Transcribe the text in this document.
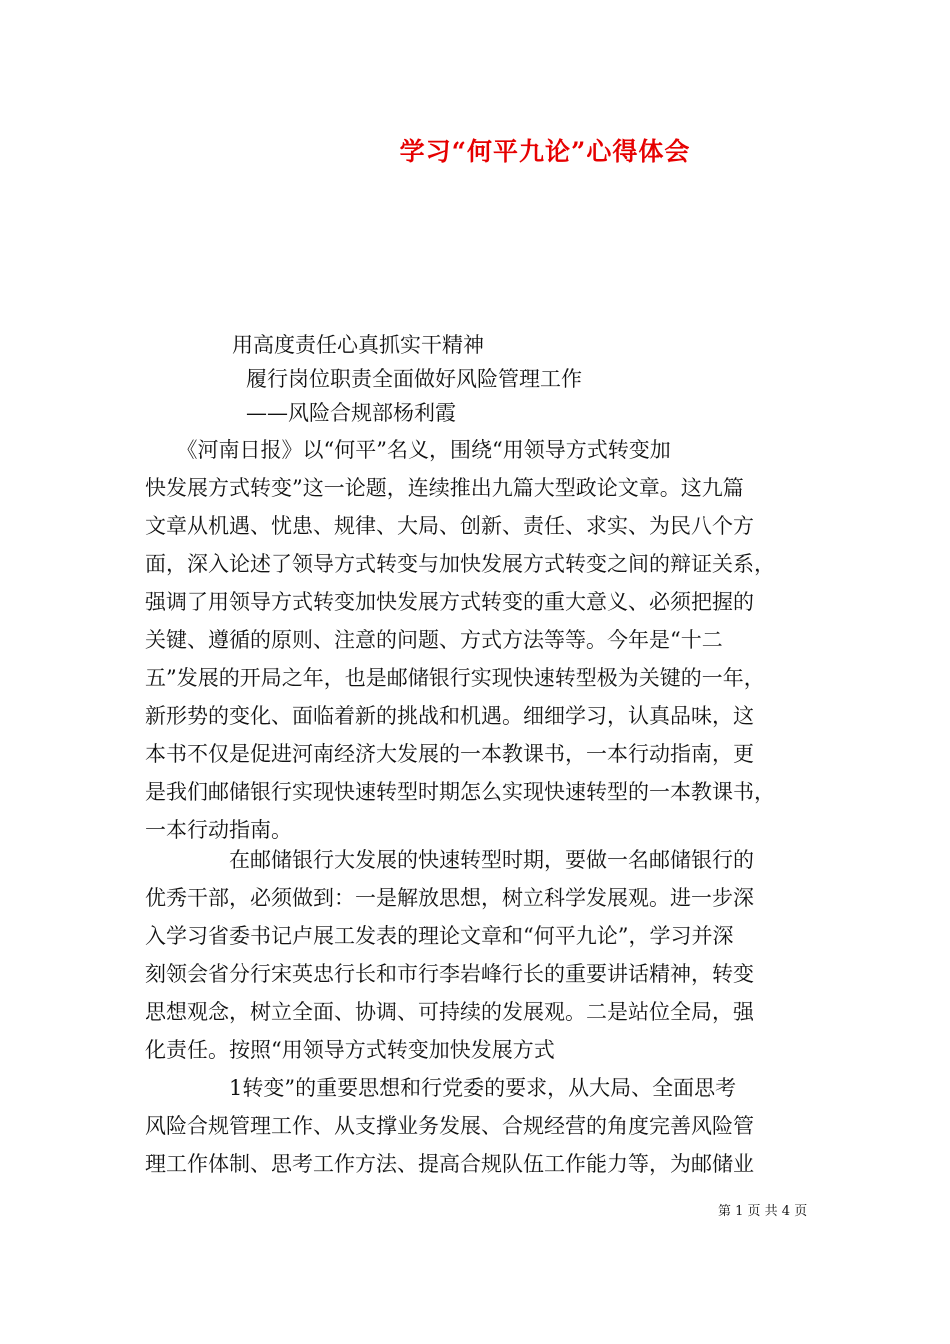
学习“何平九论”心得体会
用高度责任心真抓实干精神
履行岗位职责全面做好风险管理工作
——风险合规部杨利霞
　　《河南日报》以“何平”名义，围绕“用领导方式转变加
快发展方式转变”这一论题，连续推出九篇大型政论文章。这九篇
文章从机遇、忧患、规律、大局、创新、责任、求实、为民八个方
面，深入论述了领导方式转变与加快发展方式转变之间的辩证关系，
强调了用领导方式转变加快发展方式转变的重大意义、必须把握的
关键、遵循的原则、注意的问题、方式方法等等。今年是“十二
五”发展的开局之年，也是邮储银行实现快速转型极为关键的一年，
新形势的变化、面临着新的挑战和机遇。细细学习，认真品味，这
本书不仅是促进河南经济大发展的一本教课书，一本行动指南，更
是我们邮储银行实现快速转型时期怎么实现快速转型的一本教课书，
一本行动指南。
　　　　在邮储银行大发展的快速转型时期，要做一名邮储银行的
优秀干部，必须做到：一是解放思想，树立科学发展观。进一步深
入学习省委书记卢展工发表的理论文章和“何平九论”，学习并深
刻领会省分行宋英忠行长和市行李岩峰行长的重要讲话精神，转变
思想观念，树立全面、协调、可持续的发展观。二是站位全局，强
化责任。按照“用领导方式转变加快发展方式
　　　　1转变”的重要思想和行党委的要求，从大局、全面思考
风险合规管理工作、从支撑业务发展、合规经营的角度完善风险管
理工作体制、思考工作方法、提高合规队伍工作能力等，为邮储业
第 1 页 共 4 页
